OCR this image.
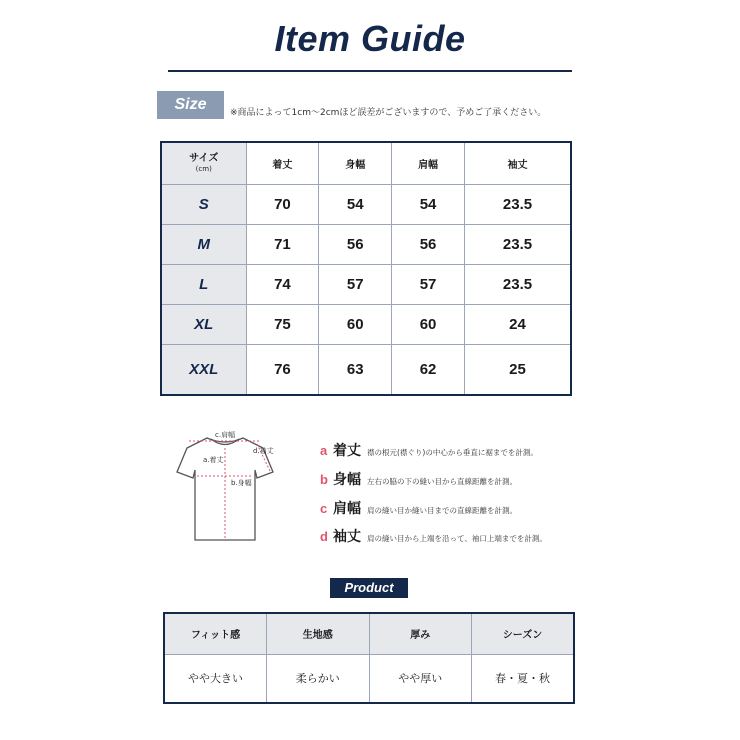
Item Guide
Size	※商品によって1cm〜2cmほど誤差がございますので、予めご了承ください。
サイズ
(cm)	着丈	身幅	肩幅	袖丈
S	70	54	54	23.5
M	71	56	56	23.5
L	74	57	57	23.5
XL	75	60	60	24
XXL	76	63	62	25
c.肩幅
d.袖丈
a.着丈
b.身幅
a 着丈 襟の根元(襟ぐり)の中心から垂直に裾までを計測。
b 身幅 左右の脇の下の縫い目から直線距離を計測。
c 肩幅 肩の縫い目か縫い目までの直線距離を計測。
d 袖丈 肩の縫い目から上端を沿って、袖口上端までを計測。
Product
フィット感	生地感	厚み	シーズン
やや大きい	柔らかい	やや厚い	春・夏・秋
